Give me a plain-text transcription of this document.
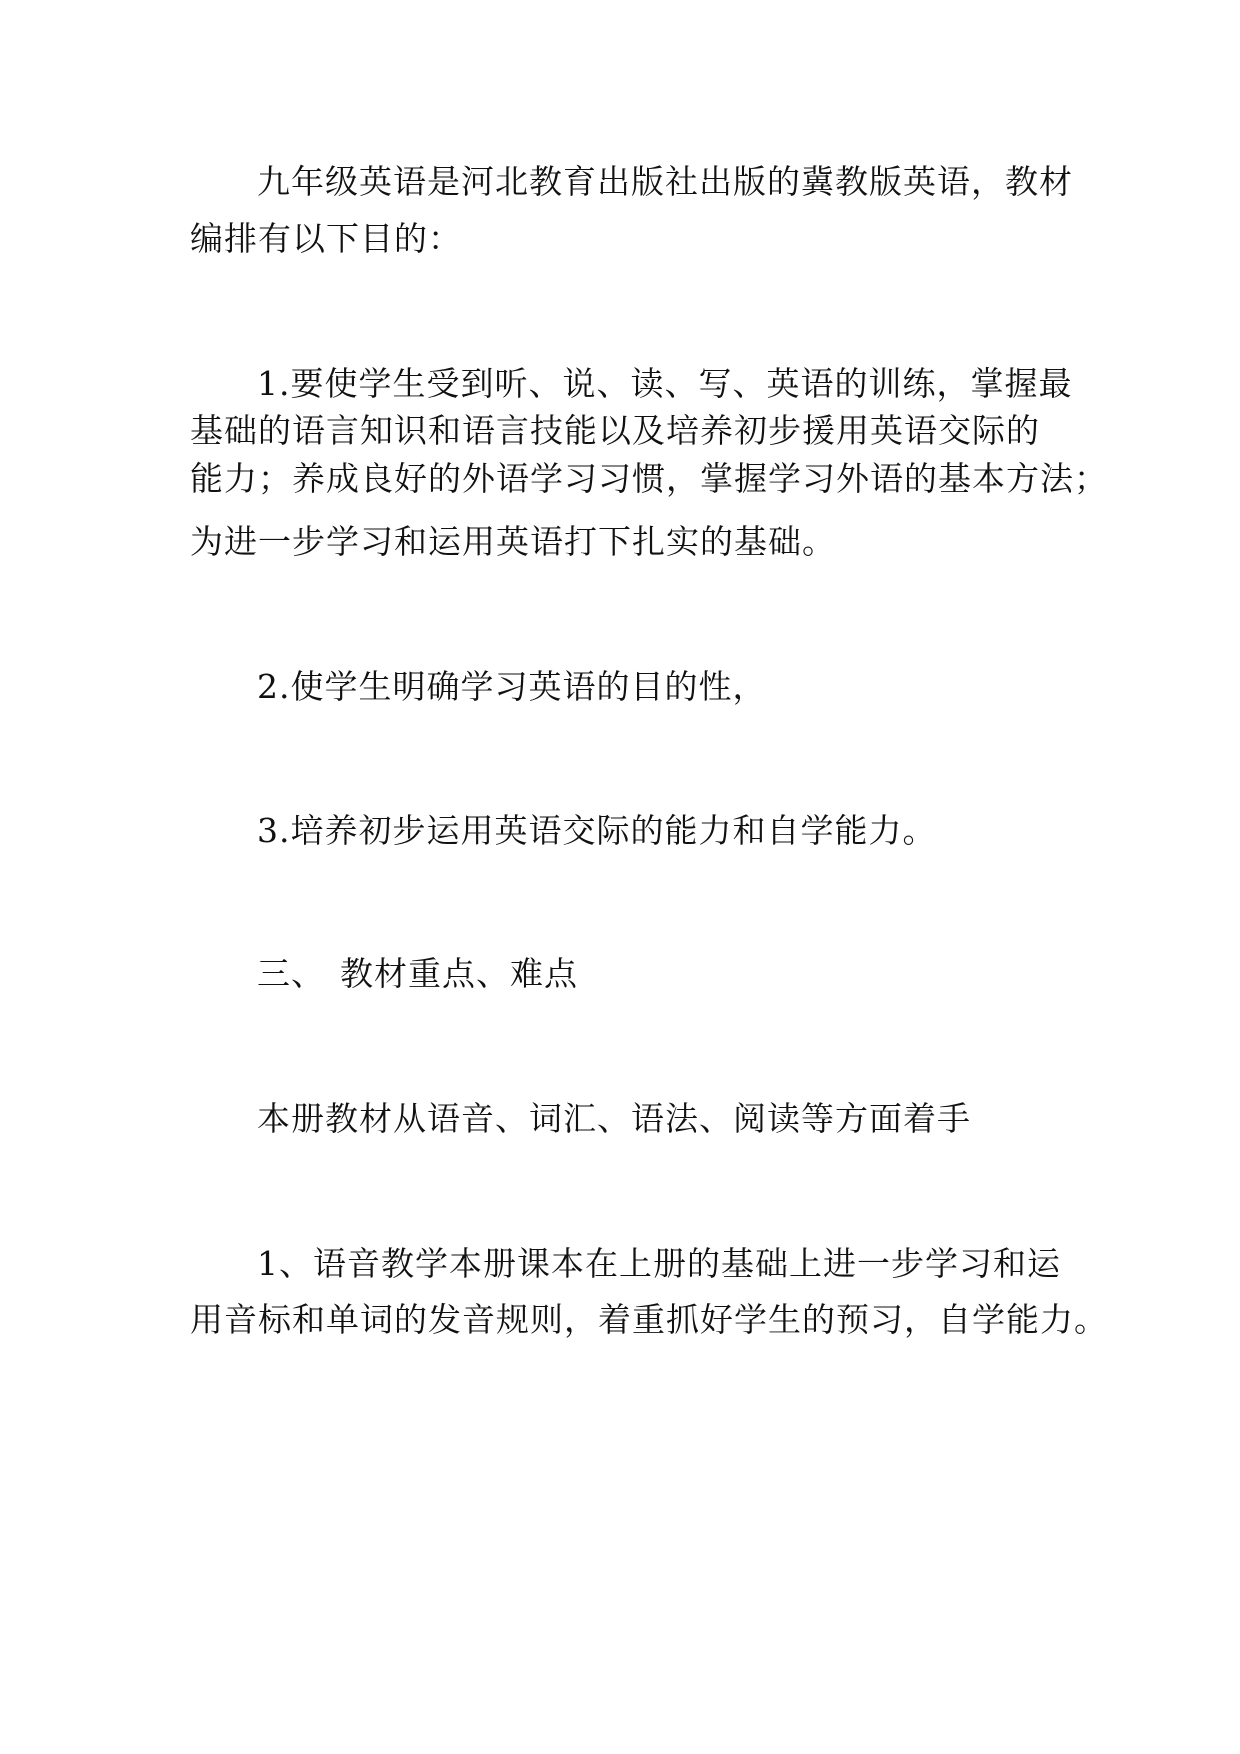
九年级英语是河北教育出版社出版的冀教版英语，教材

编排有以下目的：

1.要使学生受到听、说、读、写、英语的训练，掌握最

基础的语言知识和语言技能以及培养初步援用英语交际的

能力；养成良好的外语学习习惯，掌握学习外语的基本方法；

为进一步学习和运用英语打下扎实的基础。

2.使学生明确学习英语的目的性，

3.培养初步运用英语交际的能力和自学能力。

三、 教材重点、难点

本册教材从语音、词汇、语法、阅读等方面着手

1、语音教学本册课本在上册的基础上进一步学习和运

用音标和单词的发音规则，着重抓好学生的预习，自学能力。
